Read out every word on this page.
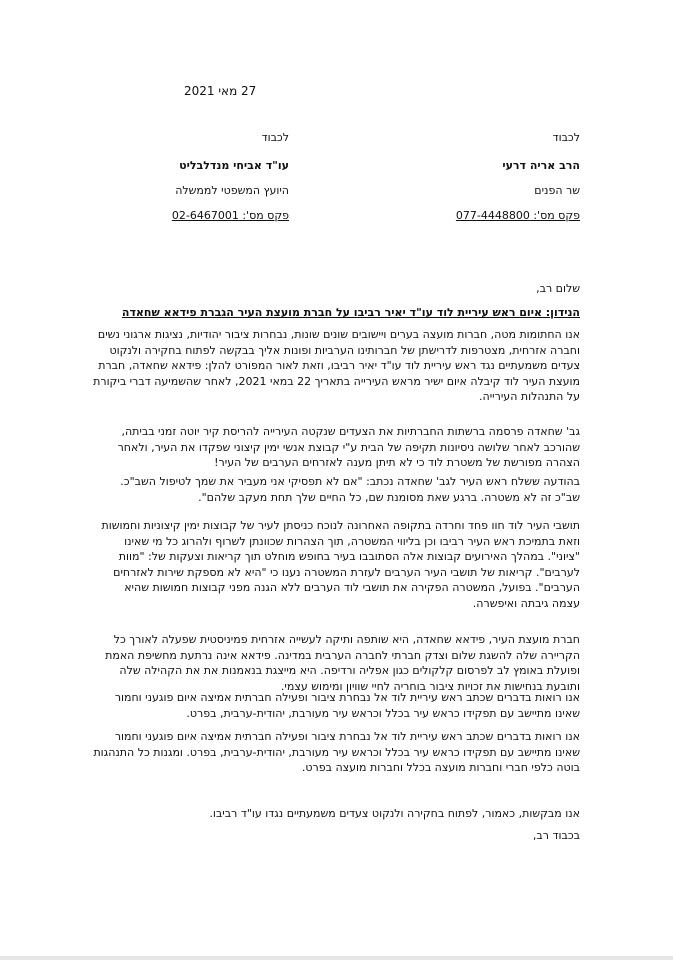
27 מאי 2021
לכבוד
הרב אריה דרעי
שר הפנים
פקס מס': 077-4448800
לכבוד
עו"ד אביחי מנדלבליט
היועץ המשפטי לממשלה
פקס מס': 02-6467001
שלום רב,
הנידון: איום ראש עיריית לוד עו"ד יאיר רביבו על חברת מועצת העיר הגברת פידאא שחאדה
אנו החתומות מטה, חברות מועצה בערים ויישובים שונים שונות, נבחרות ציבור יהודיות, נציגות ארגוני נשים וחברה אזרחית, מצטרפות לדרישתן של חברותינו הערביות ופונות אליך בבקשה לפתוח בחקירה ולנקוט צעדים משמעתיים נגד ראש עיריית לוד עו"ד יאיר רביבו, וזאת לאור המפורט להלן: פידאא שחאדה, חברת מועצת העיר לוד קיבלה איום ישיר מראש העירייה בתאריך 22 במאי 2021, לאחר שהשמיעה דברי ביקורת על התנהלות העירייה.
גב' שחאדה פרסמה ברשתות החברתיות את הצעדים שנקטה העירייה להריסת קיר יוטה זמני בביתה, שהורכב לאחר שלושה ניסיונות תקיפה של הבית ע"י קבוצת אנשי ימין קיצוני שפקדו את העיר, ולאחר הצהרה מפורשת של משטרת לוד כי לא תיתן מענה לאזרחים הערבים של העיר!
בהודעה ששלח ראש העיר לגב' שחאדה נכתב: "אם לא תפסיקי אני מעביר את שמך לטיפול השב"כ. שב"כ זה לא משטרה. ברגע שאת מסומנת שם, כל החיים שלך תחת מעקב שלהם".
תושבי העיר לוד חוו פחד וחרדה בתקופה האחרונה לנוכח כניסתן לעיר של קבוצות ימין קיצוניות וחמושות וזאת בתמיכת ראש העיר רביבו וכן בליווי המשטרה, תוך הצהרות שכוונתן לשרוף ולהרוג כל מי שאינו "ציוני". במהלך האירועים קבוצות אלה הסתובבו בעיר בחופש מוחלט תוך קריאות וצעקות של: "מוות לערבים". קריאות של תושבי העיר הערבים לעזרת המשטרה נענו כי "היא לא מספקת שירות לאזרחים הערבים". בפועל, המשטרה הפקירה את תושבי לוד הערבים ללא הגנה מפני קבוצות חמושות שהיא עצמה גיבתה ואיפשרה.
חברת מועצת העיר, פידאא שחאדה, היא שותפה ותיקה לעשייה אזרחית פמיניסטית שפעלה לאורך כל הקריירה שלה להשגת שלום וצדק חברתי לחברה הערבית במדינה. פידאא אינה נרתעת מחשיפת האמת ופועלת באומץ לב לפרסום קלקולים כגון אפליה ורדיפה. היא מייצגת בנאמנות את את הקהילה שלה ותובעת בנחישות את זכויות ציבור בוחריה לחיי שוויון ומימוש עצמי.
אנו רואות בדברים שכתב ראש עיריית לוד אל נבחרת ציבור ופעילה חברתית אמיצה איום פוגעני וחמור שאינו מתיישב עם תפקידו כראש עיר בכלל וכראש עיר מעורבת, יהודית-ערבית, בפרט.
אנו רואות בדברים שכתב ראש עיריית לוד אל נבחרת ציבור ופעילה חברתית אמיצה איום פוגעני וחמור שאינו מתיישב עם תפקידו כראש עיר בכלל וכראש עיר מעורבת, יהודית-ערבית, בפרט. ומגנות כל התנהגות בוטה כלפי חברי וחברות מועצה בכלל וחברות מועצה בפרט.
אנו מבקשות, כאמור, לפתוח בחקירה ולנקוט צעדים משמעתיים נגדו עו"ד רביבו.
בכבוד רב,
